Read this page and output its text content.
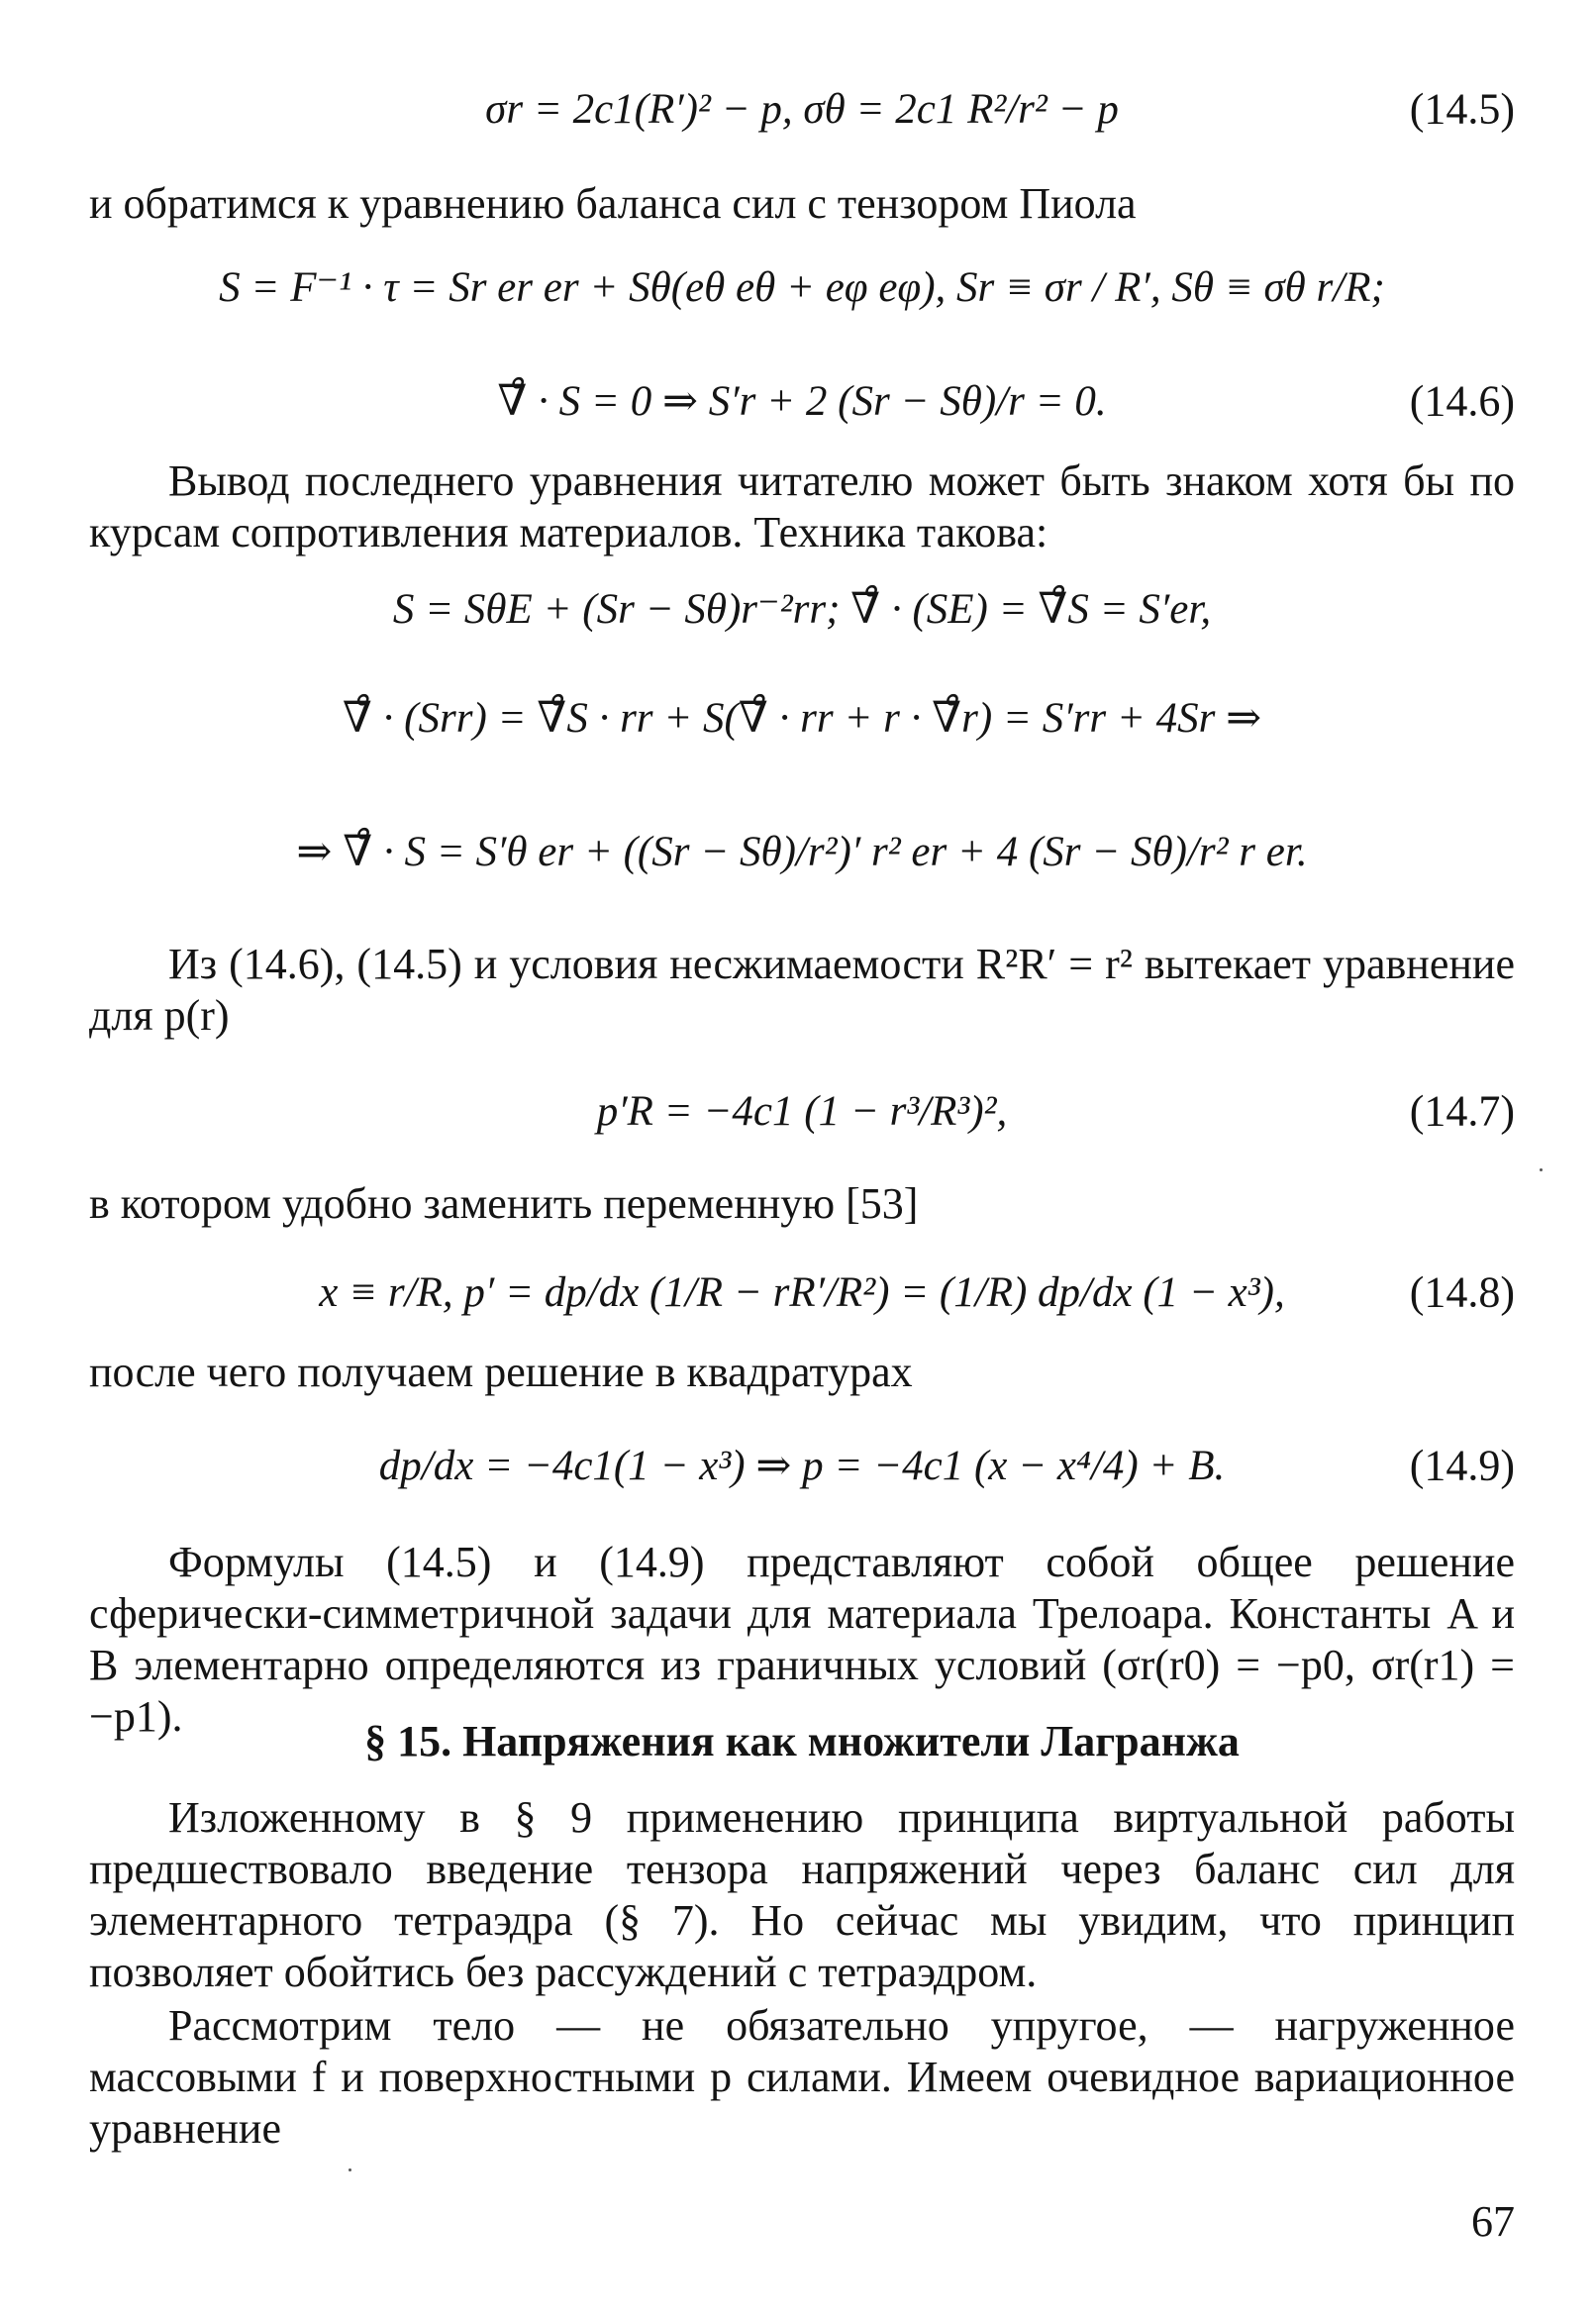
σr = 2c1(R′)² − p, σθ = 2c1 R²/r² − p	(14.5)
и обратимся к уравнению баланса сил с тензором Пиола
S = F⁻¹ · τ = Sr er er + Sθ(eθ eθ + eφ eφ), Sr ≡ σr / R′, Sθ ≡ σθ r/R;
∇̊ · S = 0 ⇒ S′r + 2 (Sr − Sθ)/r = 0.	(14.6)
Вывод последнего уравнения читателю может быть знаком хотя бы по курсам сопротивления материалов. Техника такова:
S = SθE + (Sr − Sθ)r⁻²rr; ∇̊ · (SE) = ∇̊S = S′er,
∇̊ · (Srr) = ∇̊S · rr + S(∇̊ · rr + r · ∇̊r) = S′rr + 4Sr ⇒
⇒ ∇̊ · S = S′θ er + ((Sr − Sθ)/r²)′ r² er + 4 (Sr − Sθ)/r² r er.
Из (14.6), (14.5) и условия несжимаемости R²R′ = r² вытекает уравнение для p(r)
p′R = −4c1 (1 − r³/R³)²,	(14.7)
в котором удобно заменить переменную [53]
x ≡ r/R, p′ = dp/dx (1/R − rR′/R²) = (1/R) dp/dx (1 − x³),	(14.8)
после чего получаем решение в квадратурах
dp/dx = −4c1(1 − x³) ⇒ p = −4c1 (x − x⁴/4) + B.	(14.9)
Формулы (14.5) и (14.9) представляют собой общее решение сферически-симметричной задачи для материала Трелоара. Константы A и B элементарно определяются из граничных условий (σr(r0) = −p0, σr(r1) = −p1).
§ 15. Напряжения как множители Лагранжа
Изложенному в § 9 применению принципа виртуальной работы предшествовало введение тензора напряжений через баланс сил для элементарного тетраэдра (§ 7). Но сейчас мы увидим, что принцип позволяет обойтись без рассуждений с тетраэдром.
Рассмотрим тело — не обязательно упругое, — нагруженное массовыми f и поверхностными p силами. Имеем очевидное вариационное уравнение
67
